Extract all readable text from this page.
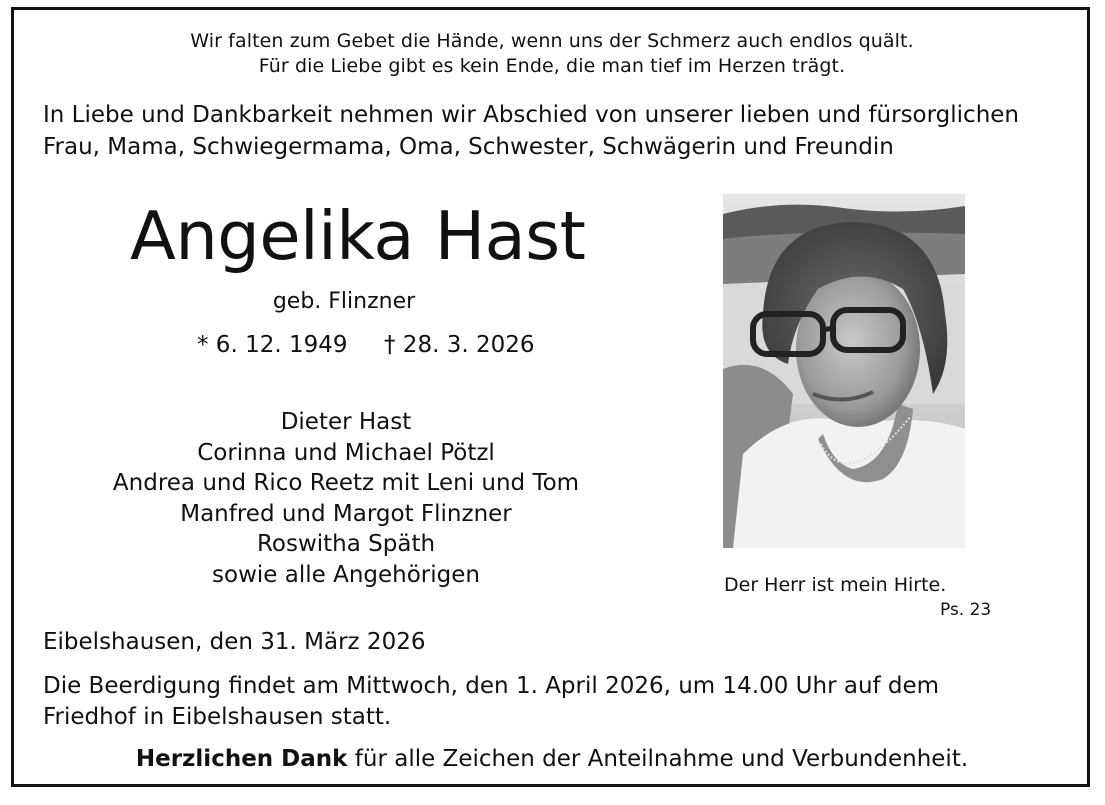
Wir falten zum Gebet die Hände, wenn uns der Schmerz auch endlos quält.
Für die Liebe gibt es kein Ende, die man tief im Herzen trägt.
In Liebe und Dankbarkeit nehmen wir Abschied von unserer lieben und fürsorglichen
Frau, Mama, Schwiegermama, Oma, Schwester, Schwägerin und Freundin
Angelika Hast
geb. Flinzner
* 6. 12. 1949 † 28. 3. 2026
Dieter Hast
Corinna und Michael Pötzl
Andrea und Rico Reetz mit Leni und Tom
Manfred und Margot Flinzner
Roswitha Späth
sowie alle Angehörigen	Der Herr ist mein Hirte.
Ps. 23
Eibelshausen, den 31. März 2026
Die Beerdigung findet am Mittwoch, den 1. April 2026, um 14.00 Uhr auf dem
Friedhof in Eibelshausen statt.
Herzlichen Dank für alle Zeichen der Anteilnahme und Verbundenheit.
